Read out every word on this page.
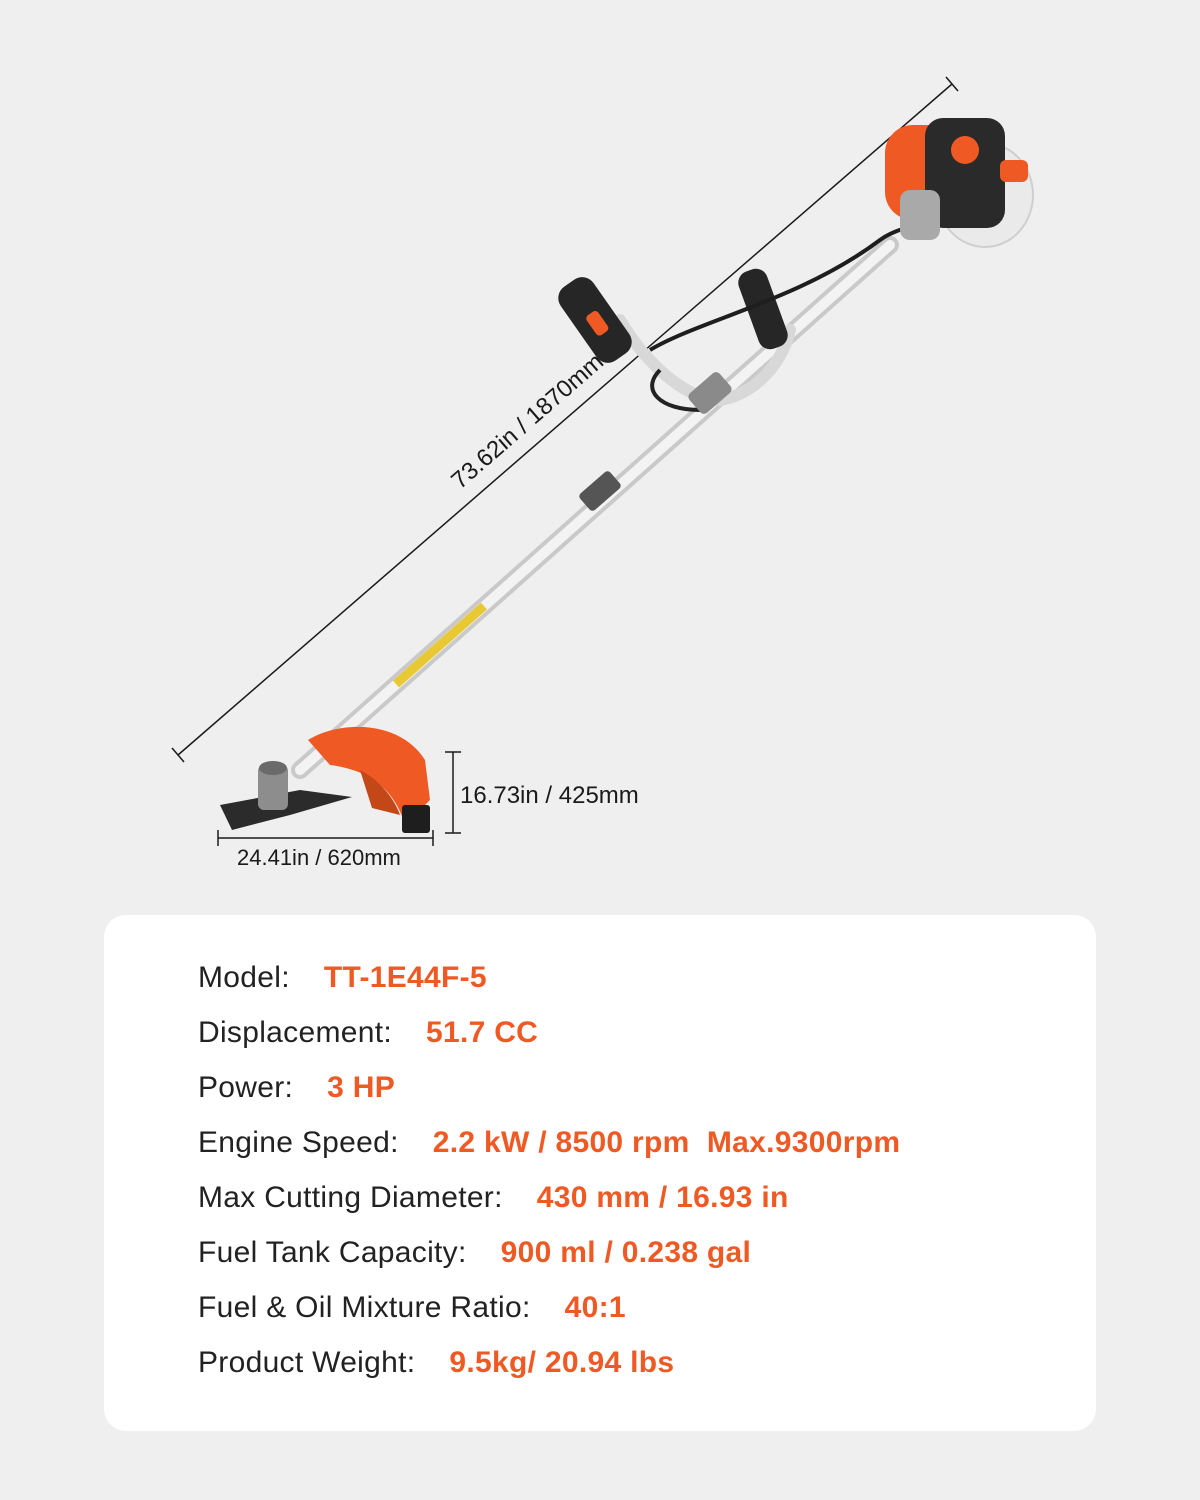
73.62in / 1870mm
16.73in / 425mm
24.41in / 620mm
Model: TT-1E44F-5
Displacement: 51.7 CC
Power: 3 HP
Engine Speed: 2.2 kW / 8500 rpm  Max.9300rpm
Max Cutting Diameter: 430 mm / 16.93 in
Fuel Tank Capacity: 900 ml / 0.238 gal
Fuel & Oil Mixture Ratio: 40:1
Product Weight: 9.5kg/ 20.94 lbs
